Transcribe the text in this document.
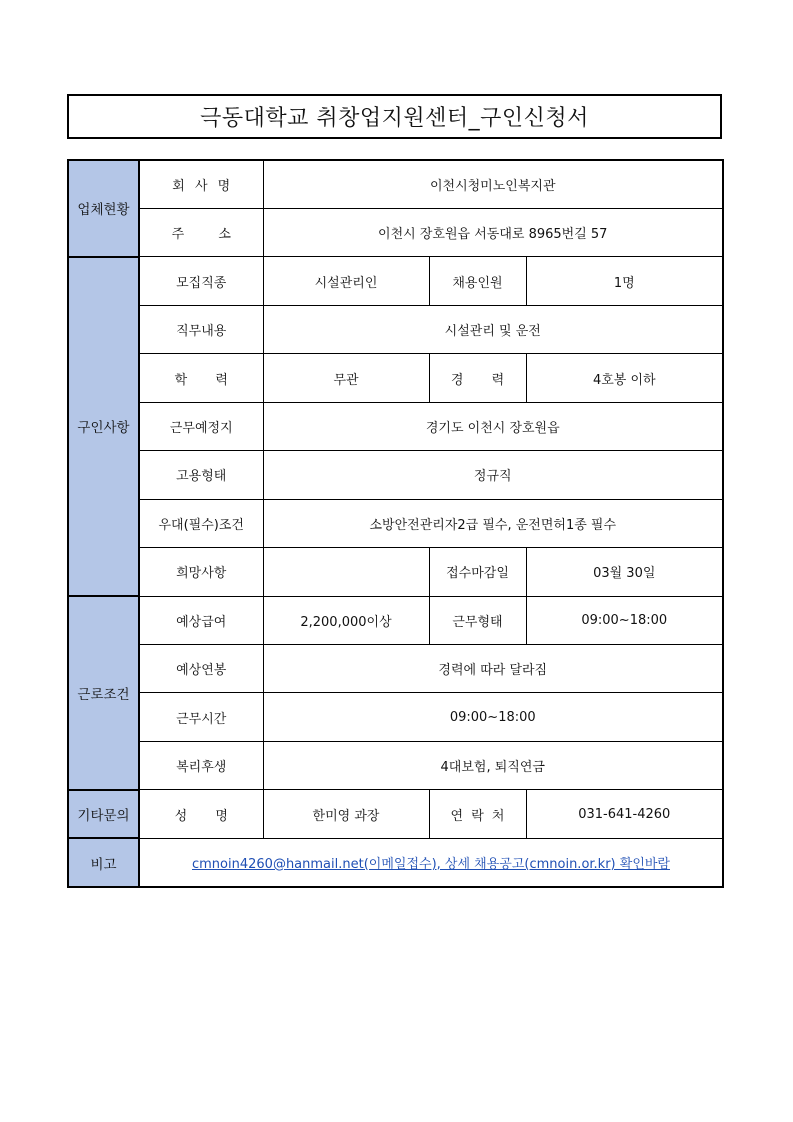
극동대학교 취창업지원센터_구인신청서
업체현황	회 사 명	이천시청미노인복지관		
	주 소	이천시 장호원읍 서동대로 8965번길 57		
구인사항	모집직종	시설관리인	채용인원	1명
	직무내용	시설관리 및 운전		
	학 력	무관	경 력	4호봉 이하
	근무예정지	경기도 이천시 장호원읍		
	고용형태	정규직		
	우대(필수)조건	소방안전관리자2급 필수, 운전면허1종 필수		
	희망사항		접수마감일	03월 30일
근로조건	예상급여	2,200,000이상	근무형태	09:00~18:00
	예상연봉	경력에 따라 달라짐		
	근무시간	09:00~18:00		
	복리후생	4대보험, 퇴직연금		
기타문의	성 명	한미영 과장	연 락 처	031-641-4260
비고	cmnoin4260@hanmail.net(이메일접수), 상세 채용공고(cmnoin.or.kr) 확인바람			
